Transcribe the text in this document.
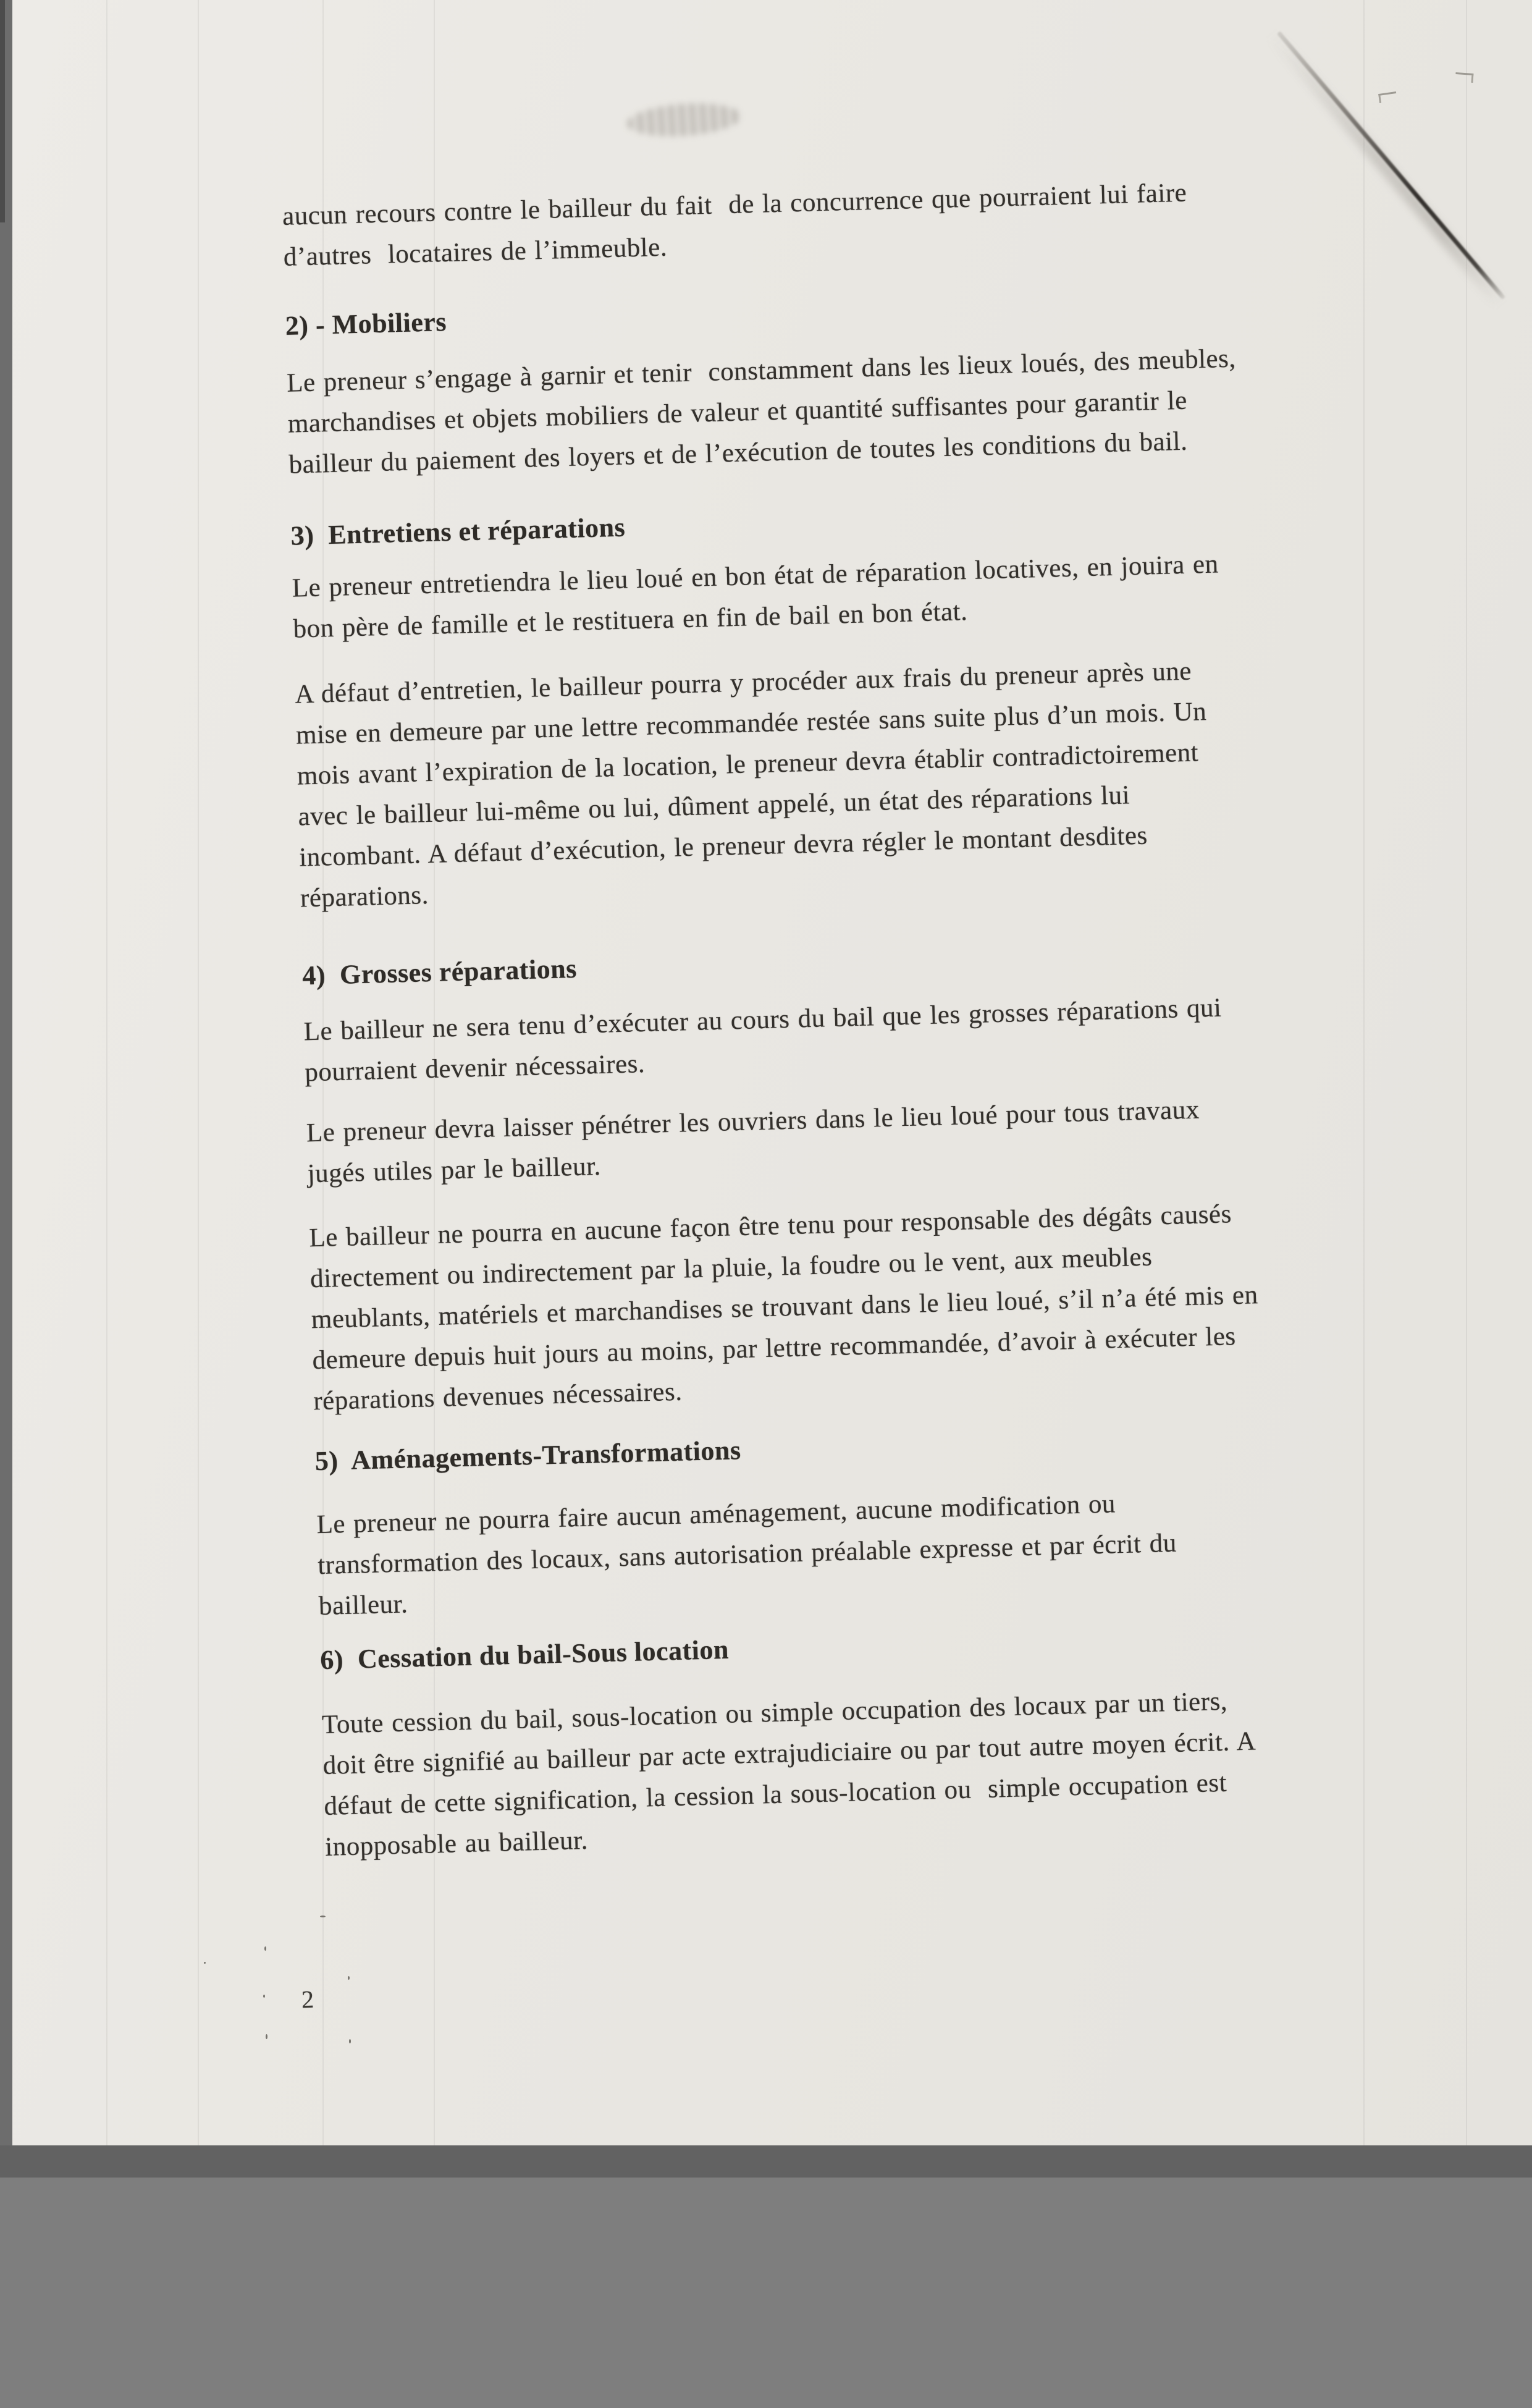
aucun recours contre le bailleur du fait  de la concurrence que pourraient lui faire
d’autres  locataires de l’immeuble.
2) - Mobiliers
Le preneur s’engage à garnir et tenir  constamment dans les lieux loués, des meubles,
marchandises et objets mobiliers de valeur et quantité suffisantes pour garantir le
bailleur du paiement des loyers et de l’exécution de toutes les conditions du bail.
3)  Entretiens et réparations
Le preneur entretiendra le lieu loué en bon état de réparation locatives, en jouira en
bon père de famille et le restituera en fin de bail en bon état.
A défaut d’entretien, le bailleur pourra y procéder aux frais du preneur après une
mise en demeure par une lettre recommandée restée sans suite plus d’un mois. Un
mois avant l’expiration de la location, le preneur devra établir contradictoirement
avec le bailleur lui-même ou lui, dûment appelé, un état des réparations lui
incombant. A défaut d’exécution, le preneur devra régler le montant desdites
réparations.
4)  Grosses réparations
Le bailleur ne sera tenu d’exécuter au cours du bail que les grosses réparations qui
pourraient devenir nécessaires.
Le preneur devra laisser pénétrer les ouvriers dans le lieu loué pour tous travaux
jugés utiles par le bailleur.
Le bailleur ne pourra en aucune façon être tenu pour responsable des dégâts causés
directement ou indirectement par la pluie, la foudre ou le vent, aux meubles
meublants, matériels et marchandises se trouvant dans le lieu loué, s’il n’a été mis en
demeure depuis huit jours au moins, par lettre recommandée, d’avoir à exécuter les
réparations devenues nécessaires.
5)  Aménagements-Transformations
Le preneur ne pourra faire aucun aménagement, aucune modification ou
transformation des locaux, sans autorisation préalable expresse et par écrit du
bailleur.
6)  Cessation du bail-Sous location
Toute cession du bail, sous-location ou simple occupation des locaux par un tiers,
doit être signifié au bailleur par acte extrajudiciaire ou par tout autre moyen écrit. A
défaut de cette signification, la cession la sous-location ou  simple occupation est
inopposable au bailleur.
2
